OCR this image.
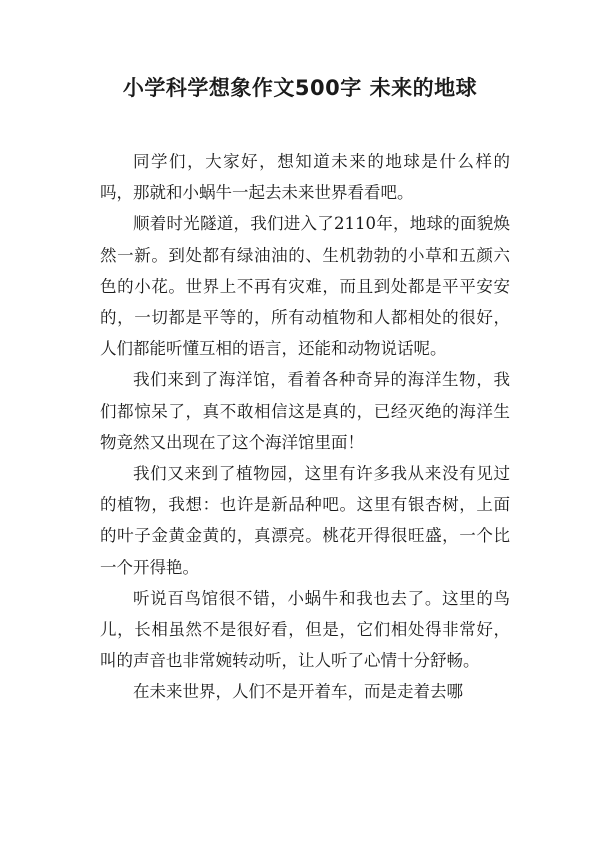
小学科学想象作文500字 未来的地球

同学们，大家好，想知道未来的地球是什么样的吗，那就和小蜗牛一起去未来世界看看吧。

顺着时光隧道，我们进入了2110年，地球的面貌焕然一新。到处都有绿油油的、生机勃勃的小草和五颜六色的小花。世界上不再有灾难，而且到处都是平平安安的，一切都是平等的，所有动植物和人都相处的很好，人们都能听懂互相的语言，还能和动物说话呢。

我们来到了海洋馆，看着各种奇异的海洋生物，我们都惊呆了，真不敢相信这是真的，已经灭绝的海洋生物竟然又出现在了这个海洋馆里面！

我们又来到了植物园，这里有许多我从来没有见过的植物，我想：也许是新品种吧。这里有银杏树，上面的叶子金黄金黄的，真漂亮。桃花开得很旺盛，一个比一个开得艳。

听说百鸟馆很不错，小蜗牛和我也去了。这里的鸟儿，长相虽然不是很好看，但是，它们相处得非常好，叫的声音也非常婉转动听，让人听了心情十分舒畅。

在未来世界，人们不是开着车，而是走着去哪
